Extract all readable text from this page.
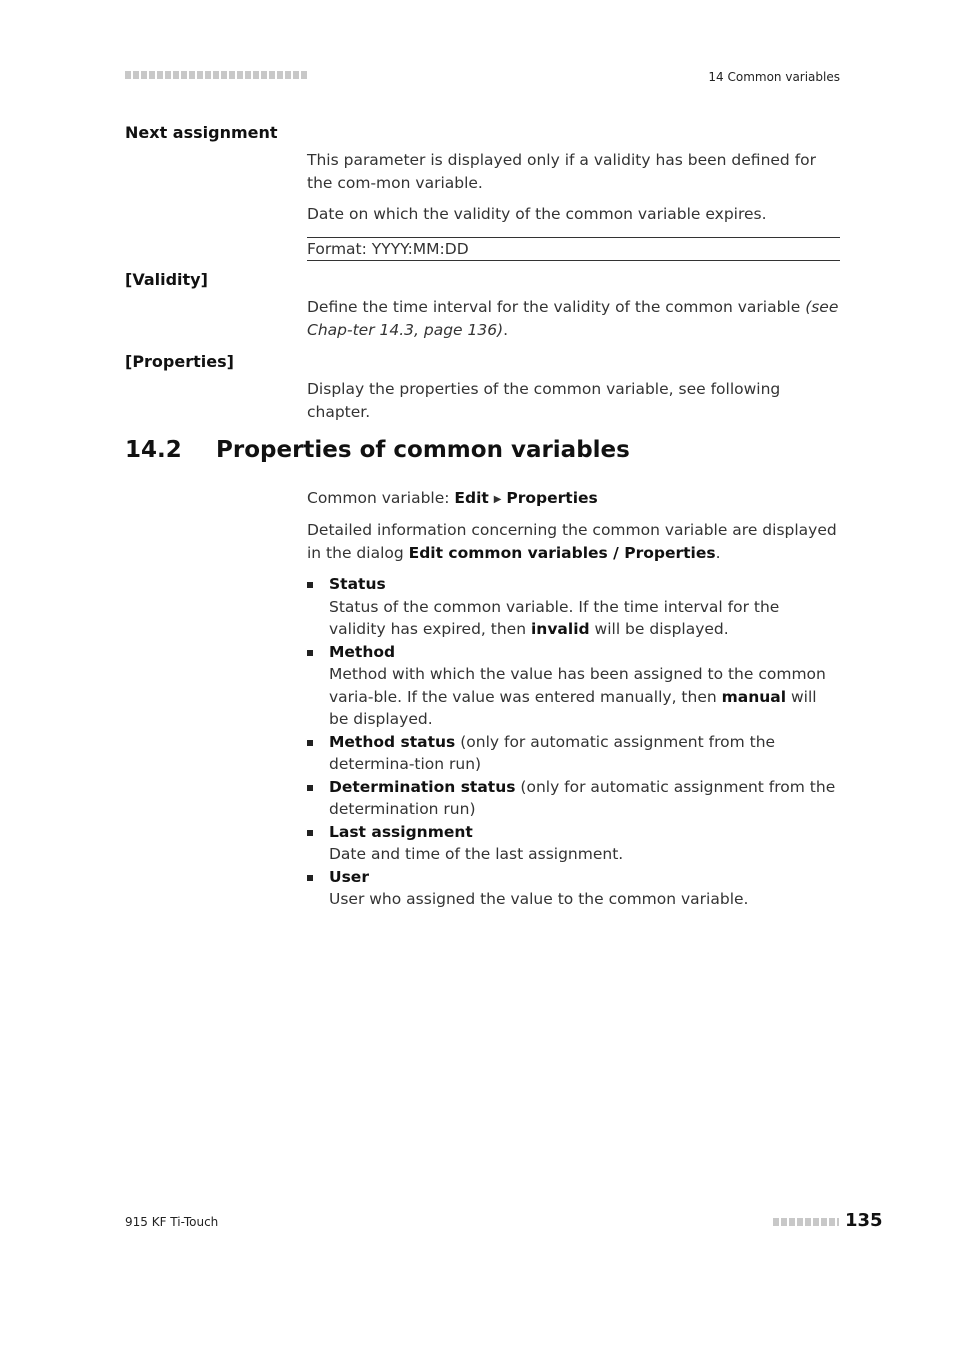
14 Common variables
Next assignment
This parameter is displayed only if a validity has been defined for the com-mon variable.
Date on which the validity of the common variable expires.
Format: YYYY:MM:DD
[Validity]
Define the time interval for the validity of the common variable (see Chap-ter 14.3, page 136).
[Properties]
Display the properties of the common variable, see following chapter.
14.2 Properties of common variables
Common variable: Edit ▶ Properties
Detailed information concerning the common variable are displayed in the dialog Edit common variables / Properties.
Status
Status of the common variable. If the time interval for the validity has expired, then invalid will be displayed.
Method
Method with which the value has been assigned to the common varia-ble. If the value was entered manually, then manual will be displayed.
Method status (only for automatic assignment from the determina-tion run)
Determination status (only for automatic assignment from the determination run)
Last assignment
Date and time of the last assignment.
User
User who assigned the value to the common variable.
915 KF Ti-Touch	135
